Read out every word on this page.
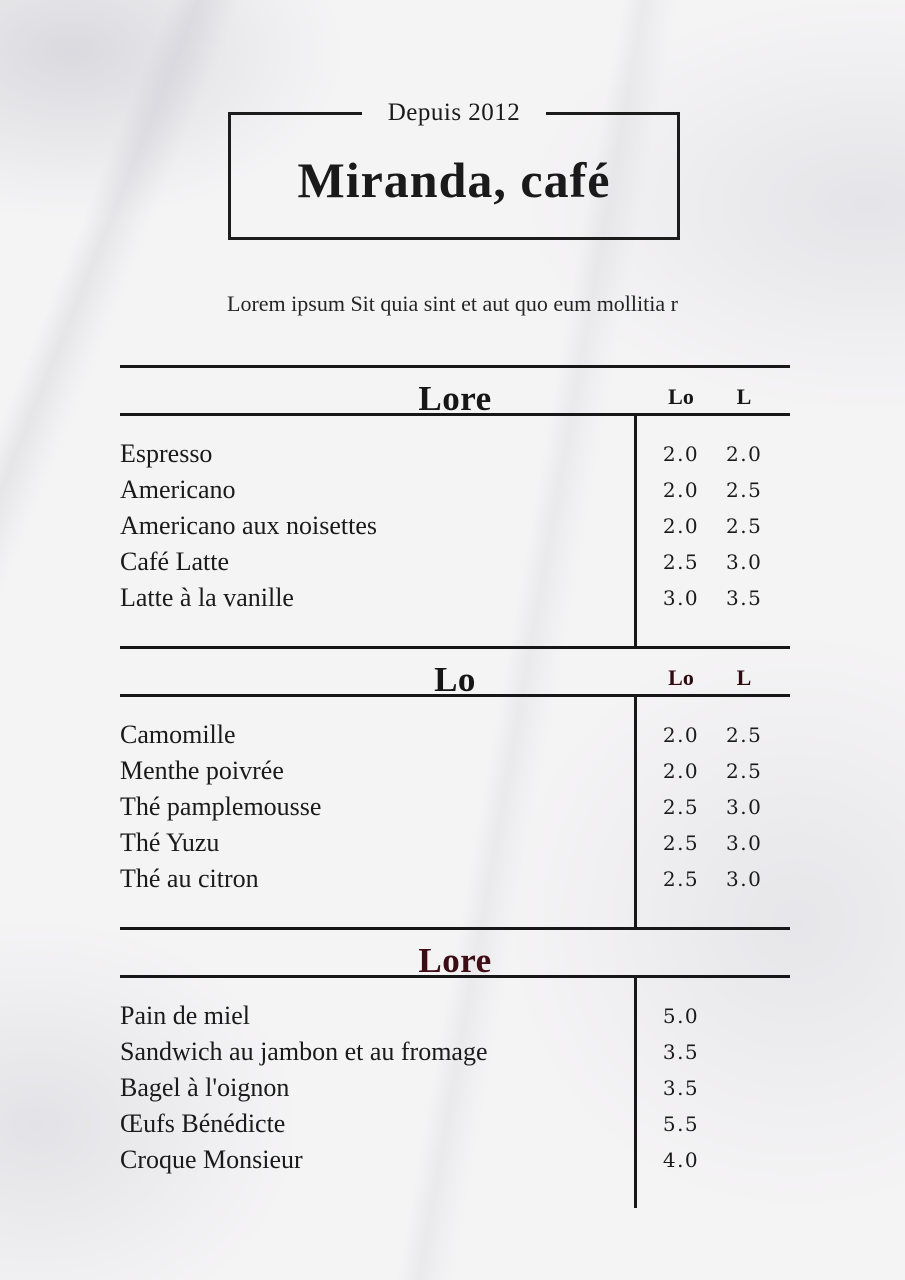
Depuis 2012
Miranda, café

Lorem ipsum Sit quia sint et aut quo eum mollitia r

Lore	Lo	L
Espresso	2.0	2.0
Americano	2.0	2.5
Americano aux noisettes	2.0	2.5
Café Latte	2.5	3.0
Latte à la vanille	3.0	3.5
Lo	Lo	L
Camomille	2.0	2.5
Menthe poivrée	2.0	2.5
Thé pamplemousse	2.5	3.0
Thé Yuzu	2.5	3.0
Thé au citron	2.5	3.0
Lore
Pain de miel	5.0
Sandwich au jambon et au fromage	3.5
Bagel à l'oignon	3.5
Œufs Bénédicte	5.5
Croque Monsieur	4.0
